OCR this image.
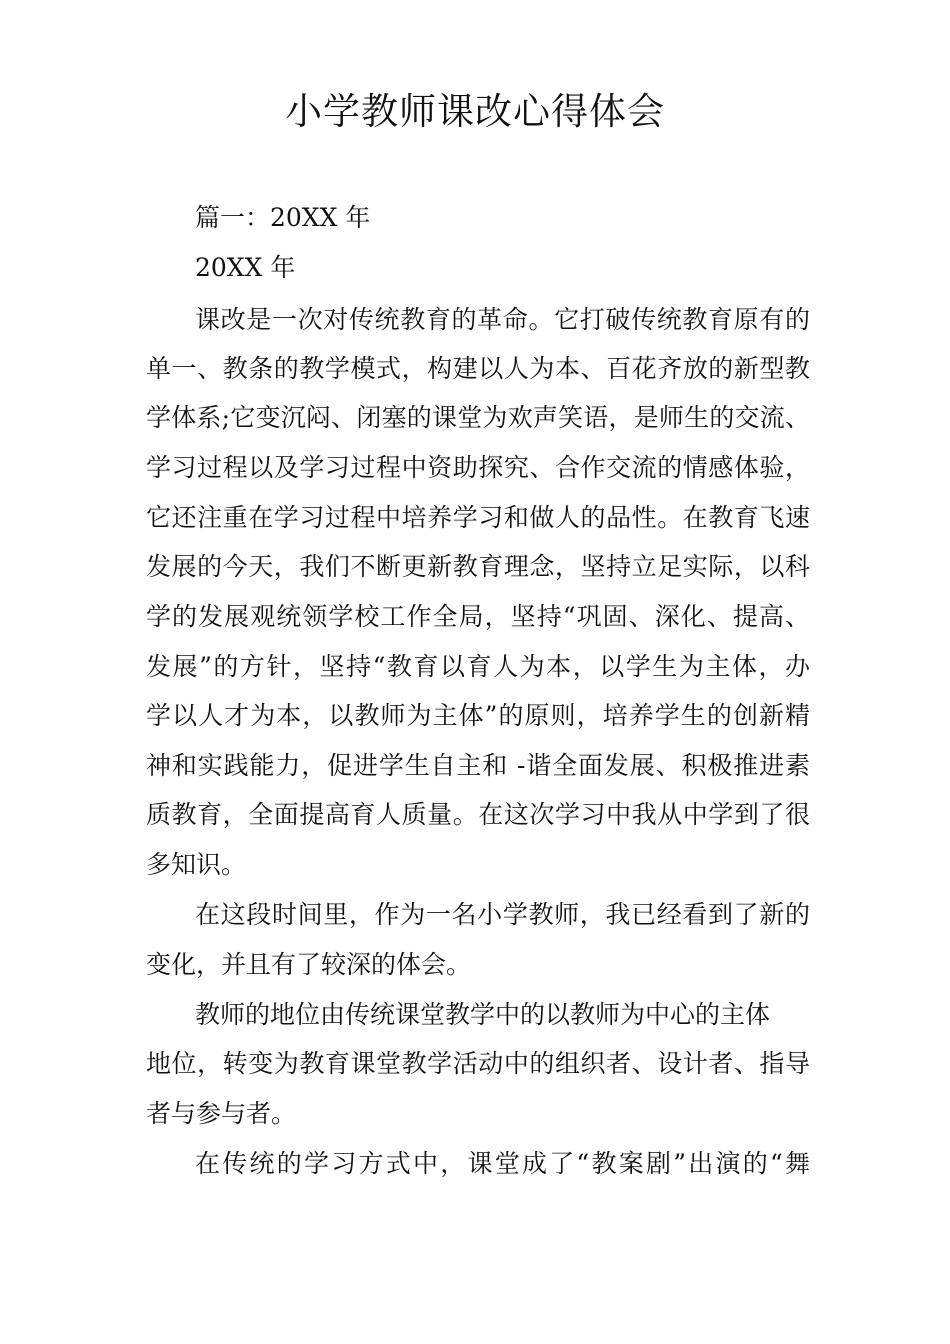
小学教师课改心得体会
篇一：20XX 年
20XX 年
课改是一次对传统教育的革命。它打破传统教育原有的
单一、教条的教学模式，构建以人为本、百花齐放的新型教
学体系;它变沉闷、闭塞的课堂为欢声笑语，是师生的交流、
学习过程以及学习过程中资助探究、合作交流的情感体验，
它还注重在学习过程中培养学习和做人的品性。在教育飞速
发展的今天，我们不断更新教育理念，坚持立足实际，以科
学的发展观统领学校工作全局，坚持“巩固、深化、提高、
发展”的方针，坚持“教育以育人为本，以学生为主体，办
学以人才为本，以教师为主体”的原则，培养学生的创新精
神和实践能力，促进学生自主和 -谐全面发展、积极推进素
质教育，全面提高育人质量。在这次学习中我从中学到了很
多知识。
在这段时间里，作为一名小学教师，我已经看到了新的
变化，并且有了较深的体会。
教师的地位由传统课堂教学中的以教师为中心的主体
地位，转变为教育课堂教学活动中的组织者、设计者、指导
者与参与者。
在传统的学习方式中，课堂成了“教案剧”出演的“舞
